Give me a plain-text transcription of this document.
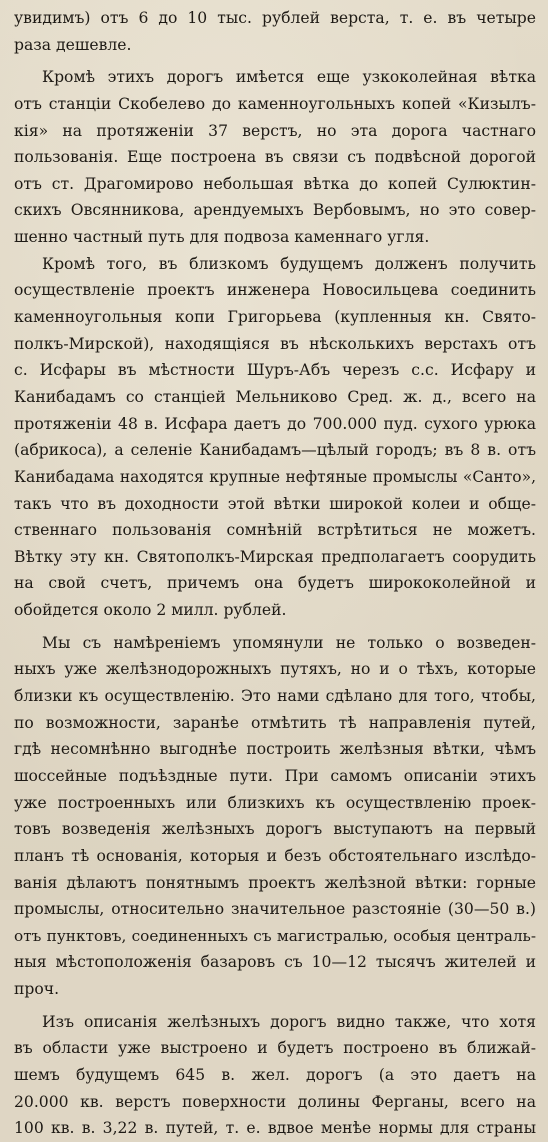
увидимъ) отъ 6 до 10 тыс. рублей верста, т. е. въ четыре
раза дешевле.
Кромѣ этихъ дорогъ имѣется еще узкоколейная вѣтка
отъ станціи Скобелево до каменноугольныхъ копей «Кизылъ-
кія» на протяженіи 37 верстъ, но эта дорога частнаго
пользованія. Еще построена въ связи съ подвѣсной дорогой
отъ ст. Драгомирово небольшая вѣтка до копей Сулюктин-
скихъ Овсянникова, арендуемыхъ Вербовымъ, но это совер-
шенно частный путь для подвоза каменнаго угля.
Кромѣ того, въ близкомъ будущемъ долженъ получить
осуществленіе проектъ инженера Новосильцева соединить
каменноугольныя копи Григорьева (купленныя кн. Свято-
полкъ-Мирской), находящіяся въ нѣсколькихъ верстахъ отъ
с. Исфары въ мѣстности Шуръ-Абъ черезъ с.с. Исфару и
Канибадамъ со станціей Мельниково Сред. ж. д., всего на
протяженіи 48 в. Исфара даетъ до 700.000 пуд. сухого урюка
(абрикоса), а селеніе Канибадамъ—цѣлый городъ; въ 8 в. отъ
Канибадама находятся крупные нефтяные промыслы «Санто»,
такъ что въ доходности этой вѣтки широкой колеи и обще-
ственнаго пользованія сомнѣній встрѣтиться не можетъ.
Вѣтку эту кн. Святополкъ-Мирская предполагаетъ соорудить
на свой счетъ, причемъ она будетъ ширококолейной и
обойдется около 2 милл. рублей.
Мы съ намѣреніемъ упомянули не только о возведен-
ныхъ уже желѣзнодорожныхъ путяхъ, но и о тѣхъ, которые
близки къ осуществленію. Это нами сдѣлано для того, чтобы,
по возможности, заранѣе отмѣтить тѣ направленія путей,
гдѣ несомнѣнно выгоднѣе построить желѣзныя вѣтки, чѣмъ
шоссейные подъѣздные пути. При самомъ описаніи этихъ
уже построенныхъ или близкихъ къ осуществленію проек-
товъ возведенія желѣзныхъ дорогъ выступаютъ на первый
планъ тѣ основанія, которыя и безъ обстоятельнаго изслѣдо-
ванія дѣлаютъ понятнымъ проектъ желѣзной вѣтки: горные
промыслы, относительно значительное разстояніе (30—50 в.)
отъ пунктовъ, соединенныхъ съ магистралью, особыя централь-
ныя мѣстоположенія базаровъ съ 10—12 тысячъ жителей и
проч.
Изъ описанія желѣзныхъ дорогъ видно также, что хотя
въ области уже выстроено и будетъ построено въ ближай-
шемъ будущемъ 645 в. жел. дорогъ (а это даетъ на
20.000 кв. верстъ поверхности долины Ферганы, всего на
100 кв. в. 3,22 в. путей, т. е. вдвое менѣе нормы для страны
